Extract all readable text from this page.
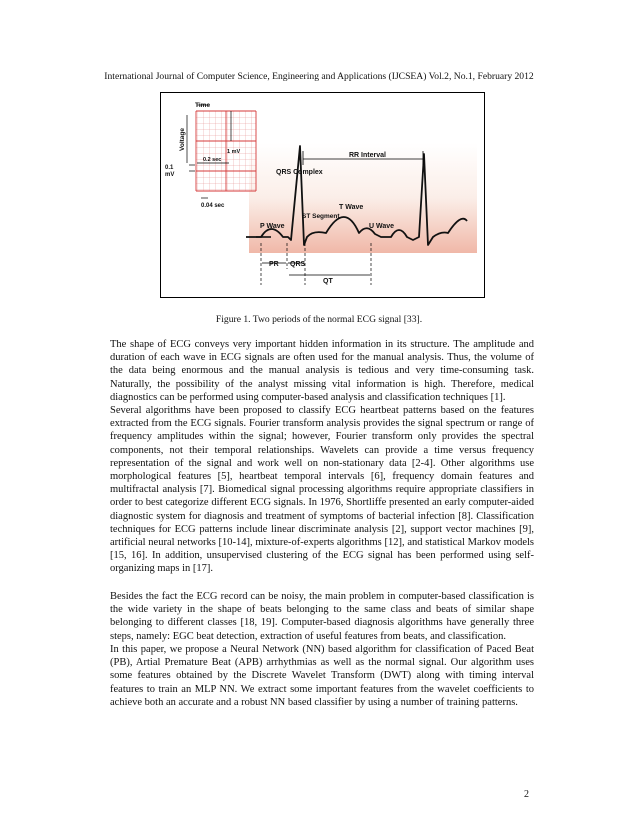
International Journal of Computer Science, Engineering and Applications (IJCSEA) Vol.2, No.1, February 2012
Time
Voltage
1 mV
0.2 sec
0.1
mV
0.04 sec
RR Interval
QRS Complex
T Wave
ST Segment
P Wave	U Wave
PR QRS
QT
Figure 1. Two periods of the normal ECG signal [33].

The shape of ECG conveys very important hidden information in its structure. The amplitude and duration of each wave in ECG signals are often used for the manual analysis. Thus, the volume of the data being enormous and the manual analysis is tedious and very time-consuming task. Naturally, the possibility of the analyst missing vital information is high. Therefore, medical diagnostics can be performed using computer-based analysis and classification techniques [1].

Several algorithms have been proposed to classify ECG heartbeat patterns based on the features extracted from the ECG signals. Fourier transform analysis provides the signal spectrum or range of frequency amplitudes within the signal; however, Fourier transform only provides the spectral components, not their temporal relationships. Wavelets can provide a time versus frequency representation of the signal and work well on non-stationary data [2-4]. Other algorithms use morphological features [5], heartbeat temporal intervals [6], frequency domain features and multifractal analysis [7]. Biomedical signal processing algorithms require appropriate classifiers in order to best categorize different ECG signals. In 1976, Shortliffe presented an early computer-aided diagnostic system for diagnosis and treatment of symptoms of bacterial infection [8]. Classification techniques for ECG patterns include linear discriminate analysis [2], support vector machines [9], artificial neural networks [10-14], mixture-of-experts algorithms [12], and statistical Markov models [15, 16]. In addition, unsupervised clustering of the ECG signal has been performed using self-organizing maps in [17].

Besides the fact the ECG record can be noisy, the main problem in computer-based classification is the wide variety in the shape of beats belonging to the same class and beats of similar shape belonging to different classes [18, 19]. Computer-based diagnosis algorithms have generally three steps, namely: EGC beat detection, extraction of useful features from beats, and classification.

In this paper, we propose a Neural Network (NN) based algorithm for classification of Paced Beat (PB), Artial Premature Beat (APB) arrhythmias as well as the normal signal. Our algorithm uses some features obtained by the Discrete Wavelet Transform (DWT) along with timing interval features to train an MLP NN. We extract some important features from the wavelet coefficients to achieve both an accurate and a robust NN based classifier by using a number of training patterns.

2
